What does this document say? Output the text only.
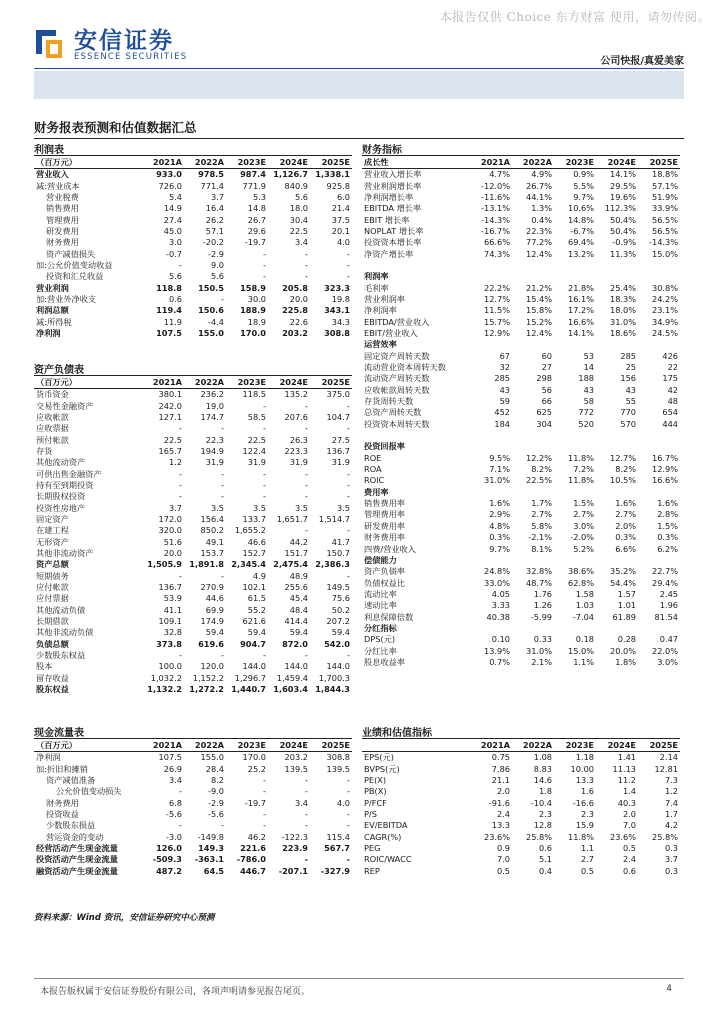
本报告仅供 Choice 东方财富 使用，请勿传阅。
安信证券
ESSENCE SECURITIES	公司快报/真爱美家
财务报表预测和估值数据汇总
利润表
（百万元）	2021A	2022A	2023E	2024E	2025E
营业收入	933.0	978.5	987.4	1,126.7	1,338.1
减:营业成本	726.0	771.4	771.9	840.9	925.8
营业税费	5.4	3.7	5.3	5.6	6.0
销售费用	14.9	16.4	14.8	18.0	21.4
管理费用	27.4	26.2	26.7	30.4	37.5
研发费用	45.0	57.1	29.6	22.5	20.1
财务费用	3.0	-20.2	-19.7	3.4	4.0
资产减值损失	-0.7	-2.9	-	-	-
加:公允价值变动收益	-	9.0	-	-	-
投资和汇兑收益	5.6	5.6	-	-	-
营业利润	118.8	150.5	158.9	205.8	323.3
加:营业外净收支	0.6	-	30.0	20.0	19.8
利润总额	119.4	150.6	188.9	225.8	343.1
减:所得税	11.9	-4.4	18.9	22.6	34.3
净利润	107.5	155.0	170.0	203.2	308.8
财务指标
成长性	2021A	2022A	2023E	2024E	2025E
营业收入增长率	4.7%	4.9%	0.9%	14.1%	18.8%
营业利润增长率	-12.0%	26.7%	5.5%	29.5%	57.1%
净利润增长率	-11.6%	44.1%	9.7%	19.6%	51.9%
EBITDA 增长率	-13.1%	1.3%	10.6%	112.3%	33.9%
EBIT 增长率	-14.3%	0.4%	14.8%	50.4%	56.5%
NOPLAT 增长率	-16.7%	22.3%	-6.7%	50.4%	56.5%
投资资本增长率	66.6%	77.2%	69.4%	-0.9%	-14.3%
净资产增长率	74.3%	12.4%	13.2%	11.3%	15.0%

利润率					
毛利率	22.2%	21.2%	21.8%	25.4%	30.8%
营业利润率	12.7%	15.4%	16.1%	18.3%	24.2%
净利润率	11.5%	15.8%	17.2%	18.0%	23.1%
EBITDA/营业收入	15.7%	15.2%	16.6%	31.0%	34.9%
EBIT/营业收入	12.9%	12.4%	14.1%	18.6%	24.5%
运营效率					
固定资产周转天数	67	60	53	285	426
流动营业资本周转天数	32	27	14	25	22
流动资产周转天数	285	298	188	156	175
应收帐款周转天数	43	56	43	43	42
存货周转天数	59	66	58	55	48
总资产周转天数	452	625	772	770	654
投资资本周转天数	184	304	520	570	444

投资回报率					
ROE	9.5%	12.2%	11.8%	12.7%	16.7%
ROA	7.1%	8.2%	7.2%	8.2%	12.9%
ROIC	31.0%	22.5%	11.8%	10.5%	16.6%
费用率					
销售费用率	1.6%	1.7%	1.5%	1.6%	1.6%
管理费用率	2.9%	2.7%	2.7%	2.7%	2.8%
研发费用率	4.8%	5.8%	3.0%	2.0%	1.5%
财务费用率	0.3%	-2.1%	-2.0%	0.3%	0.3%
四费/营业收入	9.7%	8.1%	5.2%	6.6%	6.2%
偿债能力					
资产负债率	24.8%	32.8%	38.6%	35.2%	22.7%
负债权益比	33.0%	48.7%	62.8%	54.4%	29.4%
流动比率	4.05	1.76	1.58	1.57	2.45
速动比率	3.33	1.26	1.03	1.01	1.96
利息保障倍数	40.38	-5.99	-7.04	61.89	81.54
分红指标					
DPS(元)	0.10	0.33	0.18	0.28	0.47
分红比率	13.9%	31.0%	15.0%	20.0%	22.0%
股息收益率	0.7%	2.1%	1.1%	1.8%	3.0%
资产负债表
（百万元）	2021A	2022A	2023E	2024E	2025E
货币资金	380.1	236.2	118.5	135.2	375.0
交易性金融资产	242.0	19.0	-	-	-
应收帐款	127.1	174.7	58.5	207.6	104.7
应收票据	-	-	-	-	-
预付帐款	22.5	22.3	22.5	26.3	27.5
存货	165.7	194.9	122.4	223.3	136.7
其他流动资产	1.2	31.9	31.9	31.9	31.9
可供出售金融资产	-	-	-	-	-
持有至到期投资	-	-	-	-	-
长期股权投资	-	-	-	-	-
投资性房地产	3.7	3.5	3.5	3.5	3.5
固定资产	172.0	156.4	133.7	1,651.7	1,514.7
在建工程	320.0	850.2	1,655.2	-	-
无形资产	51.6	49.1	46.6	44.2	41.7
其他非流动资产	20.0	153.7	152.7	151.7	150.7
资产总额	1,505.9	1,891.8	2,345.4	2,475.4	2,386.3
短期债务	-	-	4.9	48.9	-
应付帐款	136.7	270.9	102.1	255.6	149.5
应付票据	53.9	44.6	61.5	45.4	75.6
其他流动负债	41.1	69.9	55.2	48.4	50.2
长期借款	109.1	174.9	621.6	414.4	207.2
其他非流动负债	32.8	59.4	59.4	59.4	59.4
负债总额	373.8	619.6	904.7	872.0	542.0
少数股东权益	-	-	-	-	-
股本	100.0	120.0	144.0	144.0	144.0
留存收益	1,032.2	1,152.2	1,296.7	1,459.4	1,700.3
股东权益	1,132.2	1,272.2	1,440.7	1,603.4	1,844.3
现金流量表
（百万元）	2021A	2022A	2023E	2024E	2025E
净利润	107.5	155.0	170.0	203.2	308.8
加:折旧和摊销	26.9	28.4	25.2	139.5	139.5
资产减值准备	3.4	8.2	-	-	-
公允价值变动损失	-	-9.0	-	-	-
财务费用	6.8	-2.9	-19.7	3.4	4.0
投资收益	-5.6	-5.6	-	-	-
少数股东损益	-	-	-	-	-
营运资金的变动	-3.0	-149.8	46.2	-122.3	115.4
经营活动产生现金流量	126.0	149.3	221.6	223.9	567.7
投资活动产生现金流量	-509.3	-363.1	-786.0	-	-
融资活动产生现金流量	487.2	64.5	446.7	-207.1	-327.9
业绩和估值指标
	2021A	2022A	2023E	2024E	2025E
EPS(元)	0.75	1.08	1.18	1.41	2.14
BVPS(元)	7.86	8.83	10.00	11.13	12.81
PE(X)	21.1	14.6	13.3	11.2	7.3
PB(X)	2.0	1.8	1.6	1.4	1.2
P/FCF	-91.6	-10.4	-16.6	40.3	7.4
P/S	2.4	2.3	2.3	2.0	1.7
EV/EBITDA	13.3	12.8	15.9	7.0	4.2
CAGR(%)	23.6%	25.8%	11.8%	23.6%	25.8%
PEG	0.9	0.6	1.1	0.5	0.3
ROIC/WACC	7.0	5.1	2.7	2.4	3.7
REP	0.5	0.4	0.5	0.6	0.3
资料来源：Wind 资讯，安信证券研究中心预测
本报告版权属于安信证券股份有限公司，各项声明请参见报告尾页。	4
